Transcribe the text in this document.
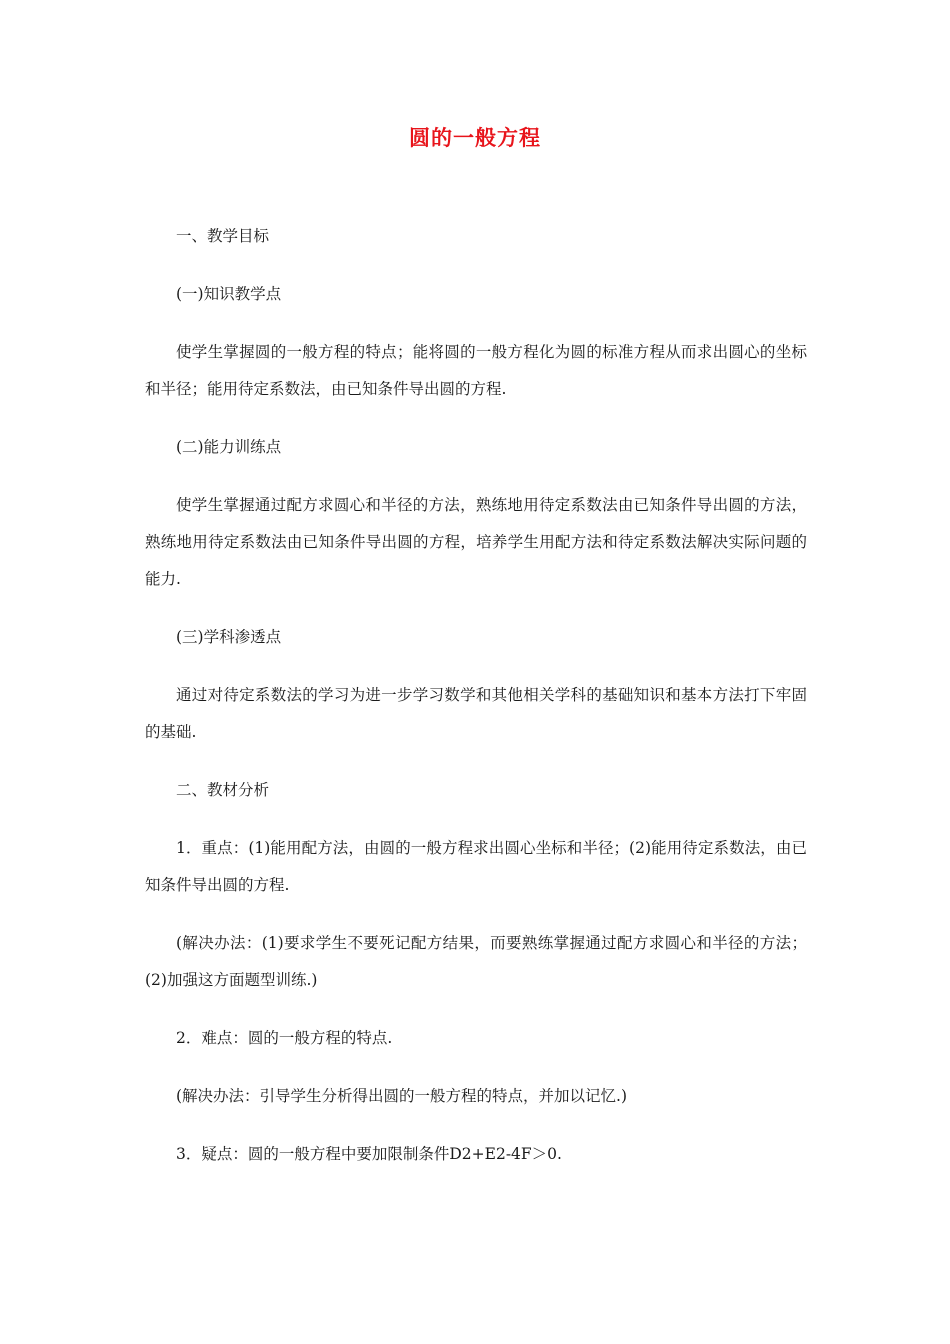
圆的一般方程

一、教学目标

(一)知识教学点

使学生掌握圆的一般方程的特点；能将圆的一般方程化为圆的标准方程从而求出圆心的坐标和半径；能用待定系数法，由已知条件导出圆的方程.

(二)能力训练点

使学生掌握通过配方求圆心和半径的方法，熟练地用待定系数法由已知条件导出圆的方法，熟练地用待定系数法由已知条件导出圆的方程，培养学生用配方法和待定系数法解决实际问题的能力.

(三)学科渗透点

通过对待定系数法的学习为进一步学习数学和其他相关学科的基础知识和基本方法打下牢固的基础.

二、教材分析

1．重点：(1)能用配方法，由圆的一般方程求出圆心坐标和半径；(2)能用待定系数法，由已知条件导出圆的方程.

(解决办法：(1)要求学生不要死记配方结果，而要熟练掌握通过配方求圆心和半径的方法；(2)加强这方面题型训练.)

2．难点：圆的一般方程的特点.

(解决办法：引导学生分析得出圆的一般方程的特点，并加以记忆.)

3．疑点：圆的一般方程中要加限制条件D2+E2-4F＞0.
